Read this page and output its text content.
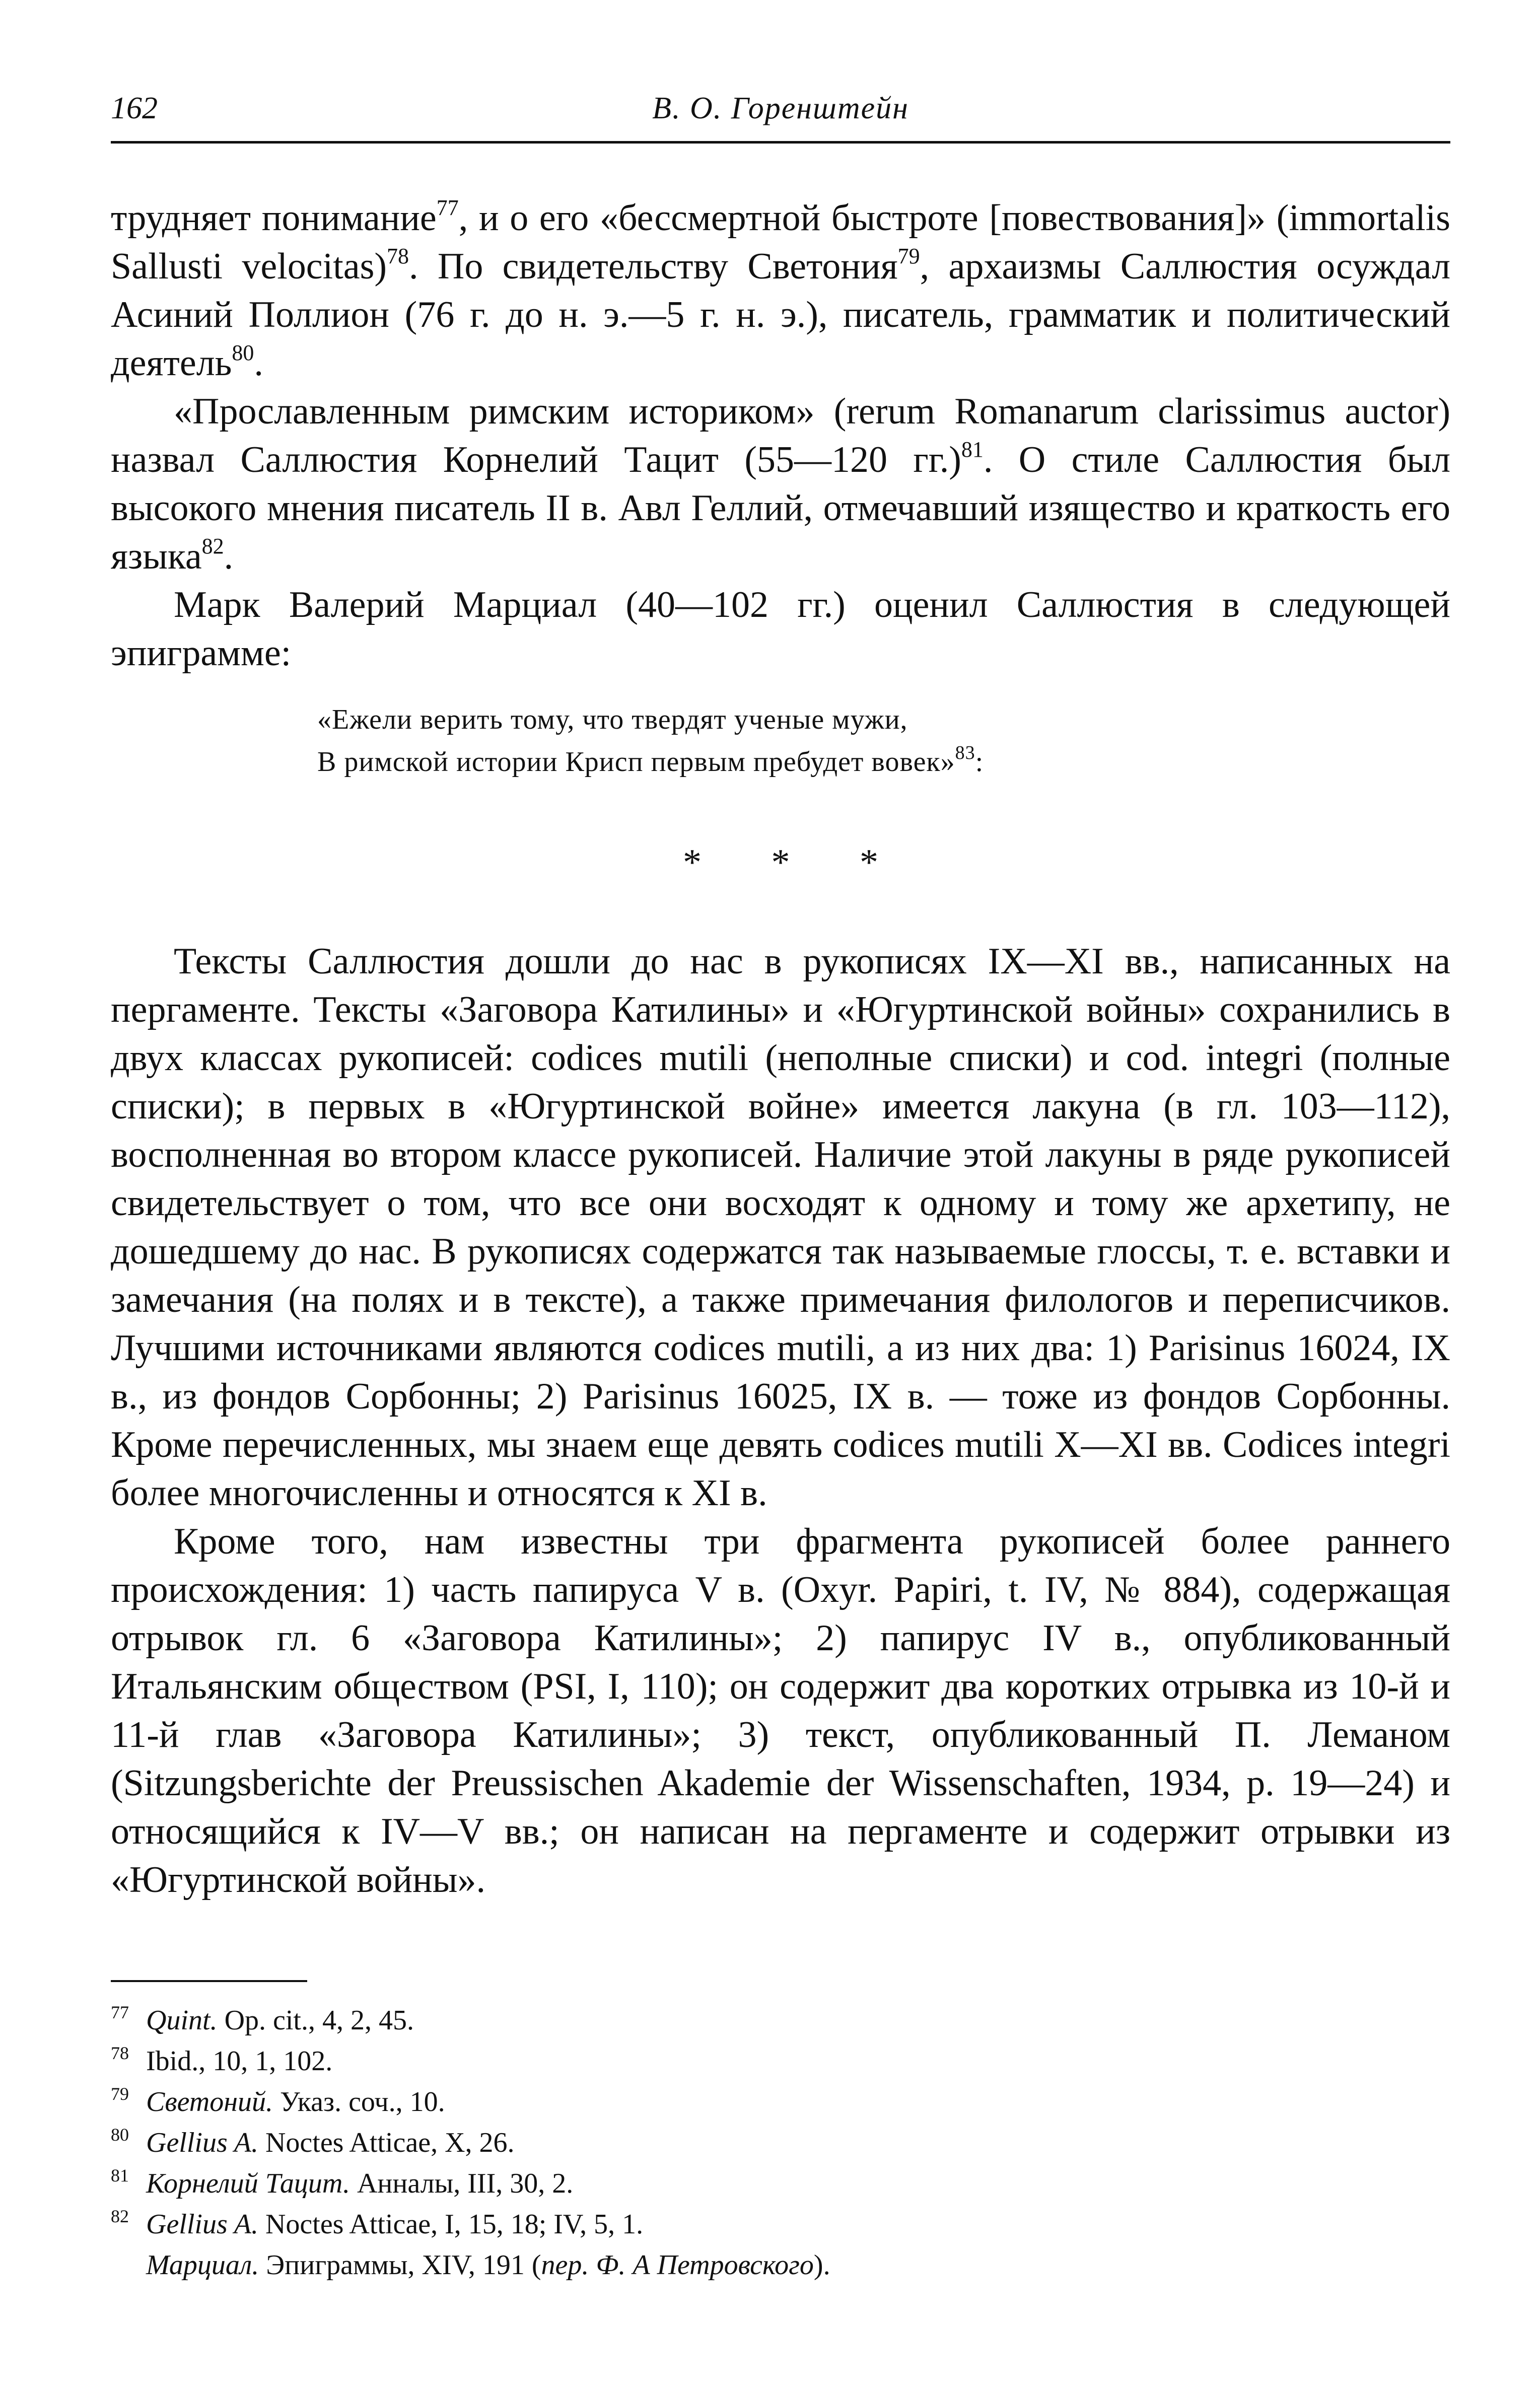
162	В. О. Горенштейн

трудняет понимание$^{77}$, и о его «бессмертной быстроте [повествования]» (immortalis Sallusti velocitas)$^{78}$. По свидетельству Светония$^{79}$, архаизмы Саллюстия осуждал Асиний Поллион (76 г. до н. э.—5 г. н. э.), писатель, грамматик и политический деятель$^{80}$.

«Прославленным римским историком» (rerum Romanarum clarissimus auctor) назвал Саллюстия Корнелий Тацит (55—120 гг.)$^{81}$. О стиле Саллюстия был высокого мнения писатель II в. Авл Геллий, отмечавший изящество и краткость его языка$^{82}$.

Марк Валерий Марциал (40—102 гг.) оценил Саллюстия в следующей эпиграмме:

«Ежели верить тому, что твердят ученые мужи,
В римской истории Крисп первым пребудет вовек»$^{83}$:
* * *

Тексты Саллюстия дошли до нас в рукописях IX—XI вв., написанных на пергаменте. Тексты «Заговора Катилины» и «Югуртинской войны» сохранились в двух классах рукописей: codices mutili (неполные списки) и cod. integri (полные списки); в первых в «Югуртинской войне» имеется лакуна (в гл. 103—112), восполненная во втором классе рукописей. Наличие этой лакуны в ряде рукописей свидетельствует о том, что все они восходят к одному и тому же архетипу, не дошедшему до нас. В рукописях содержатся так называемые глоссы, т. е. вставки и замечания (на полях и в тексте), а также примечания филологов и переписчиков. Лучшими источниками являются codices mutili, а из них два: 1) Parisinus 16024, IX в., из фондов Сорбонны; 2) Parisinus 16025, IX в. — тоже из фондов Сорбонны. Кроме перечисленных, мы знаем еще девять codices mutili X—XI вв. Codices integri более многочисленны и относятся к XI в.

Кроме того, нам известны три фрагмента рукописей более раннего происхождения: 1) часть папируса V в. (Oxyr. Papiri, t. IV, № 884), содержащая отрывок гл. 6 «Заговора Катилины»; 2) папирус IV в., опубликованный Итальянским обществом (PSI, I, 110); он содержит два коротких отрывка из 10-й и 11-й глав «Заговора Катилины»; 3) текст, опубликованный П. Леманом (Sitzungsberichte der Preussischen Akademie der Wissenschaften, 1934, p. 19—24) и относящийся к IV—V вв.; он написан на пергаменте и содержит отрывки из «Югуртинской войны».

77 Quint. Op. cit., 4, 2, 45.
78 Ibid., 10, 1, 102.
79 Светоний. Указ. соч., 10.
80 Gellius A. Noctes Atticae, X, 26.
81 Корнелий Тацит. Анналы, III, 30, 2.
82 Gellius A. Noctes Atticae, I, 15, 18; IV, 5, 1.
Марциал. Эпиграммы, XIV, 191 (пер. Ф. А Петровского).
